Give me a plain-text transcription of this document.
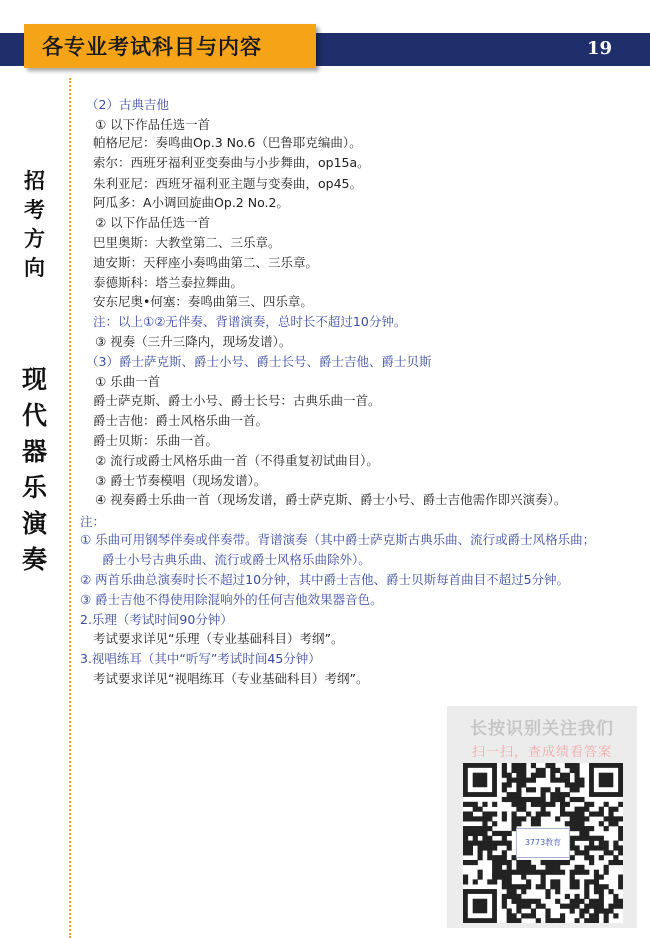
各专业考试科目与内容	19
招
考
方
向
现
代
器
乐
演
奏
（2）古典吉他
① 以下作品任选一首
帕格尼尼：奏鸣曲Op.3 No.6（巴鲁耶克编曲）。
索尔：西班牙福利亚变奏曲与小步舞曲，op15a。
朱利亚尼：西班牙福利亚主题与变奏曲，op45。
阿瓜多：A小调回旋曲Op.2 No.2。
② 以下作品任选一首
巴里奥斯：大教堂第二、三乐章。
迪安斯：天秤座小奏鸣曲第二、三乐章。
泰德斯科：塔兰泰拉舞曲。
安东尼奥•何塞：奏鸣曲第三、四乐章。
注：以上①②无伴奏、背谱演奏，总时长不超过10分钟。
③ 视奏（三升三降内，现场发谱）。
（3）爵士萨克斯、爵士小号、爵士长号、爵士吉他、爵士贝斯
① 乐曲一首
爵士萨克斯、爵士小号、爵士长号：古典乐曲一首。
爵士吉他：爵士风格乐曲一首。
爵士贝斯：乐曲一首。
② 流行或爵士风格乐曲一首（不得重复初试曲目）。
③ 爵士节奏模唱（现场发谱）。
④ 视奏爵士乐曲一首（现场发谱，爵士萨克斯、爵士小号、爵士吉他需作即兴演奏）。
注：
① 乐曲可用钢琴伴奏或伴奏带。背谱演奏（其中爵士萨克斯古典乐曲、流行或爵士风格乐曲；
爵士小号古典乐曲、流行或爵士风格乐曲除外）。
② 两首乐曲总演奏时长不超过10分钟，其中爵士吉他、爵士贝斯每首曲目不超过5分钟。
③ 爵士吉他不得使用除混响外的任何吉他效果器音色。
2.乐理（考试时间90分钟）
考试要求详见“乐理（专业基础科目）考纲”。
3.视唱练耳（其中“听写”考试时间45分钟）
考试要求详见“视唱练耳（专业基础科目）考纲”。
长按识别关注我们
扫一扫，查成绩看答案
3773教育
